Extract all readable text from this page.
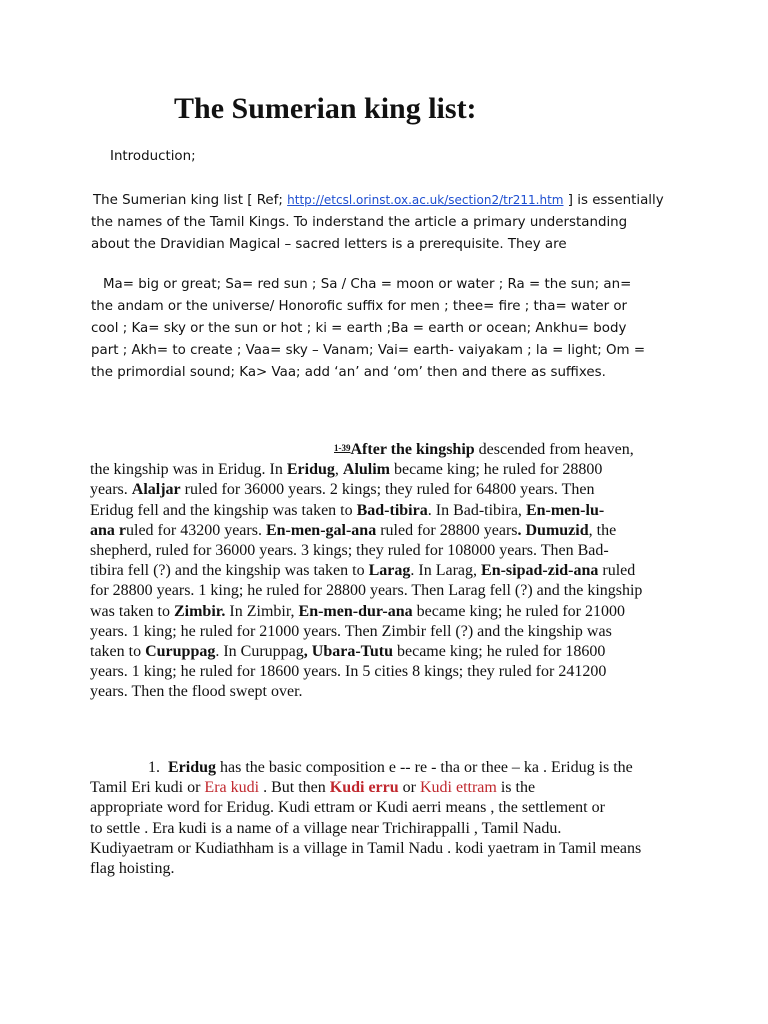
The Sumerian king list:
Introduction;
The Sumerian king list [ Ref; http://etcsl.orinst.ox.ac.uk/section2/tr211.htm ] is essentially
the names of the Tamil Kings. To inderstand the article a primary understanding
about the Dravidian Magical – sacred letters is a prerequisite. They are
Ma= big or great; Sa= red sun ; Sa / Cha = moon or water ; Ra = the sun; an=
the andam or the universe/ Honorofic suffix for men ; thee= fire ; tha= water or
cool ; Ka= sky or the sun or hot ; ki = earth ;Ba = earth or ocean; Ankhu= body
part ; Akh= to create ; Vaa= sky – Vanam; Vai= earth- vaiyakam ; la = light; Om =
the primordial sound; Ka> Vaa; add ‘an’ and ‘om’ then and there as suffixes.
$^{1-39}$After the kingship descended from heaven,
the kingship was in Eridug. In Eridug, Alulim became king; he ruled for 28800
years. Alaljar ruled for 36000 years. 2 kings; they ruled for 64800 years. Then
Eridug fell and the kingship was taken to Bad-tibira. In Bad-tibira, En-men-lu-
ana ruled for 43200 years. En-men-gal-ana ruled for 28800 years. Dumuzid, the
shepherd, ruled for 36000 years. 3 kings; they ruled for 108000 years. Then Bad-
tibira fell (?) and the kingship was taken to Larag. In Larag, En-sipad-zid-ana ruled
for 28800 years. 1 king; he ruled for 28800 years. Then Larag fell (?) and the kingship
was taken to Zimbir. In Zimbir, En-men-dur-ana became king; he ruled for 21000
years. 1 king; he ruled for 21000 years. Then Zimbir fell (?) and the kingship was
taken to Curuppag. In Curuppag, Ubara-Tutu became king; he ruled for 18600
years. 1 king; he ruled for 18600 years. In 5 cities 8 kings; they ruled for 241200
years. Then the flood swept over.
1. Eridug has the basic composition e -- re - tha or thee – ka . Eridug is the
Tamil Eri kudi or Era kudi . But then Kudi erru or Kudi ettram is the
appropriate word for Eridug. Kudi ettram or Kudi aerri means , the settlement or
to settle . Era kudi is a name of a village near Trichirappalli , Tamil Nadu.
Kudiyaetram or Kudiathham is a village in Tamil Nadu . kodi yaetram in Tamil means
flag hoisting.
